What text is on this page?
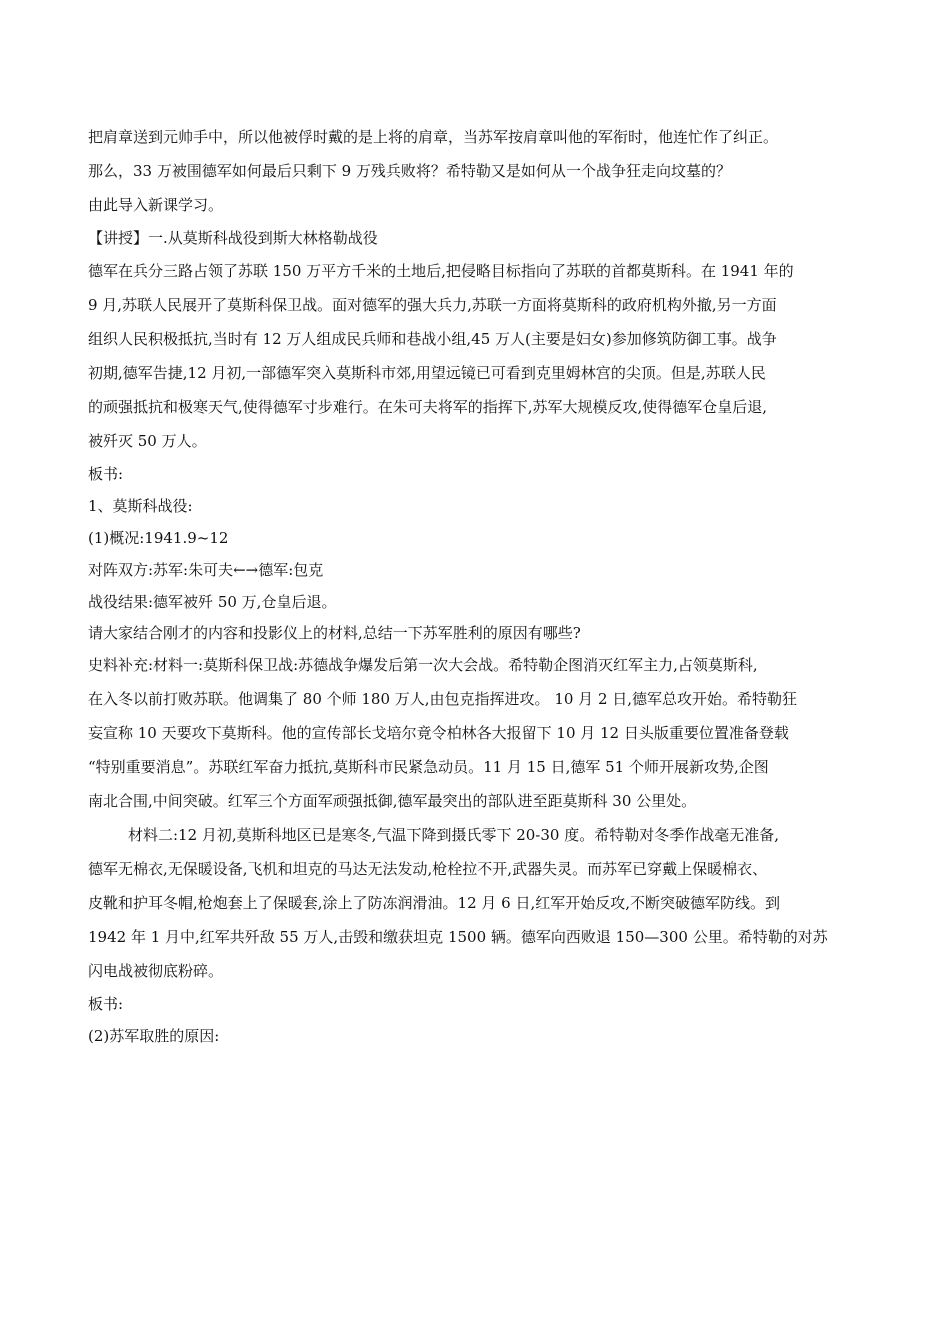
把肩章送到元帅手中，所以他被俘时戴的是上将的肩章，当苏军按肩章叫他的军衔时，他连忙作了纠正。
那么，33 万被围德军如何最后只剩下 9 万残兵败将？希特勒又是如何从一个战争狂走向坟墓的？
由此导入新课学习。
【讲授】一.从莫斯科战役到斯大林格勒战役
德军在兵分三路占领了苏联 150 万平方千米的土地后,把侵略目标指向了苏联的首都莫斯科。在 1941 年的
9 月,苏联人民展开了莫斯科保卫战。面对德军的强大兵力,苏联一方面将莫斯科的政府机构外撤,另一方面
组织人民积极抵抗,当时有 12 万人组成民兵师和巷战小组,45 万人(主要是妇女)参加修筑防御工事。战争
初期,德军告捷,12 月初,一部德军突入莫斯科市郊,用望远镜已可看到克里姆林宫的尖顶。但是,苏联人民
的顽强抵抗和极寒天气,使得德军寸步难行。在朱可夫将军的指挥下,苏军大规模反攻,使得德军仓皇后退,
被歼灭 50 万人。
板书:
1、莫斯科战役:
(1)概况:1941.9~12
对阵双方:苏军:朱可夫←→德军:包克
战役结果:德军被歼 50 万,仓皇后退。
请大家结合刚才的内容和投影仪上的材料,总结一下苏军胜利的原因有哪些?
史料补充:材料一:莫斯科保卫战:苏德战争爆发后第一次大会战。希特勒企图消灭红军主力,占领莫斯科,
在入冬以前打败苏联。他调集了 80 个师 180 万人,由包克指挥进攻。 10 月 2 日,德军总攻开始。希特勒狂
妄宣称 10 天要攻下莫斯科。他的宣传部长戈培尔竟令柏林各大报留下 10 月 12 日头版重要位置准备登载
“特别重要消息”。苏联红军奋力抵抗,莫斯科市民紧急动员。11 月 15 日,德军 51 个师开展新攻势,企图
南北合围,中间突破。红军三个方面军顽强抵御,德军最突出的部队进至距莫斯科 30 公里处。
材料二:12 月初,莫斯科地区已是寒冬,气温下降到摄氏零下 20-30 度。希特勒对冬季作战毫无准备,
德军无棉衣,无保暖设备,飞机和坦克的马达无法发动,枪栓拉不开,武器失灵。而苏军已穿戴上保暖棉衣、
皮靴和护耳冬帽,枪炮套上了保暖套,涂上了防冻润滑油。12 月 6 日,红军开始反攻,不断突破德军防线。到
1942 年 1 月中,红军共歼敌 55 万人,击毁和缴获坦克 1500 辆。德军向西败退 150—300 公里。希特勒的对苏
闪电战被彻底粉碎。
板书:
(2)苏军取胜的原因:
